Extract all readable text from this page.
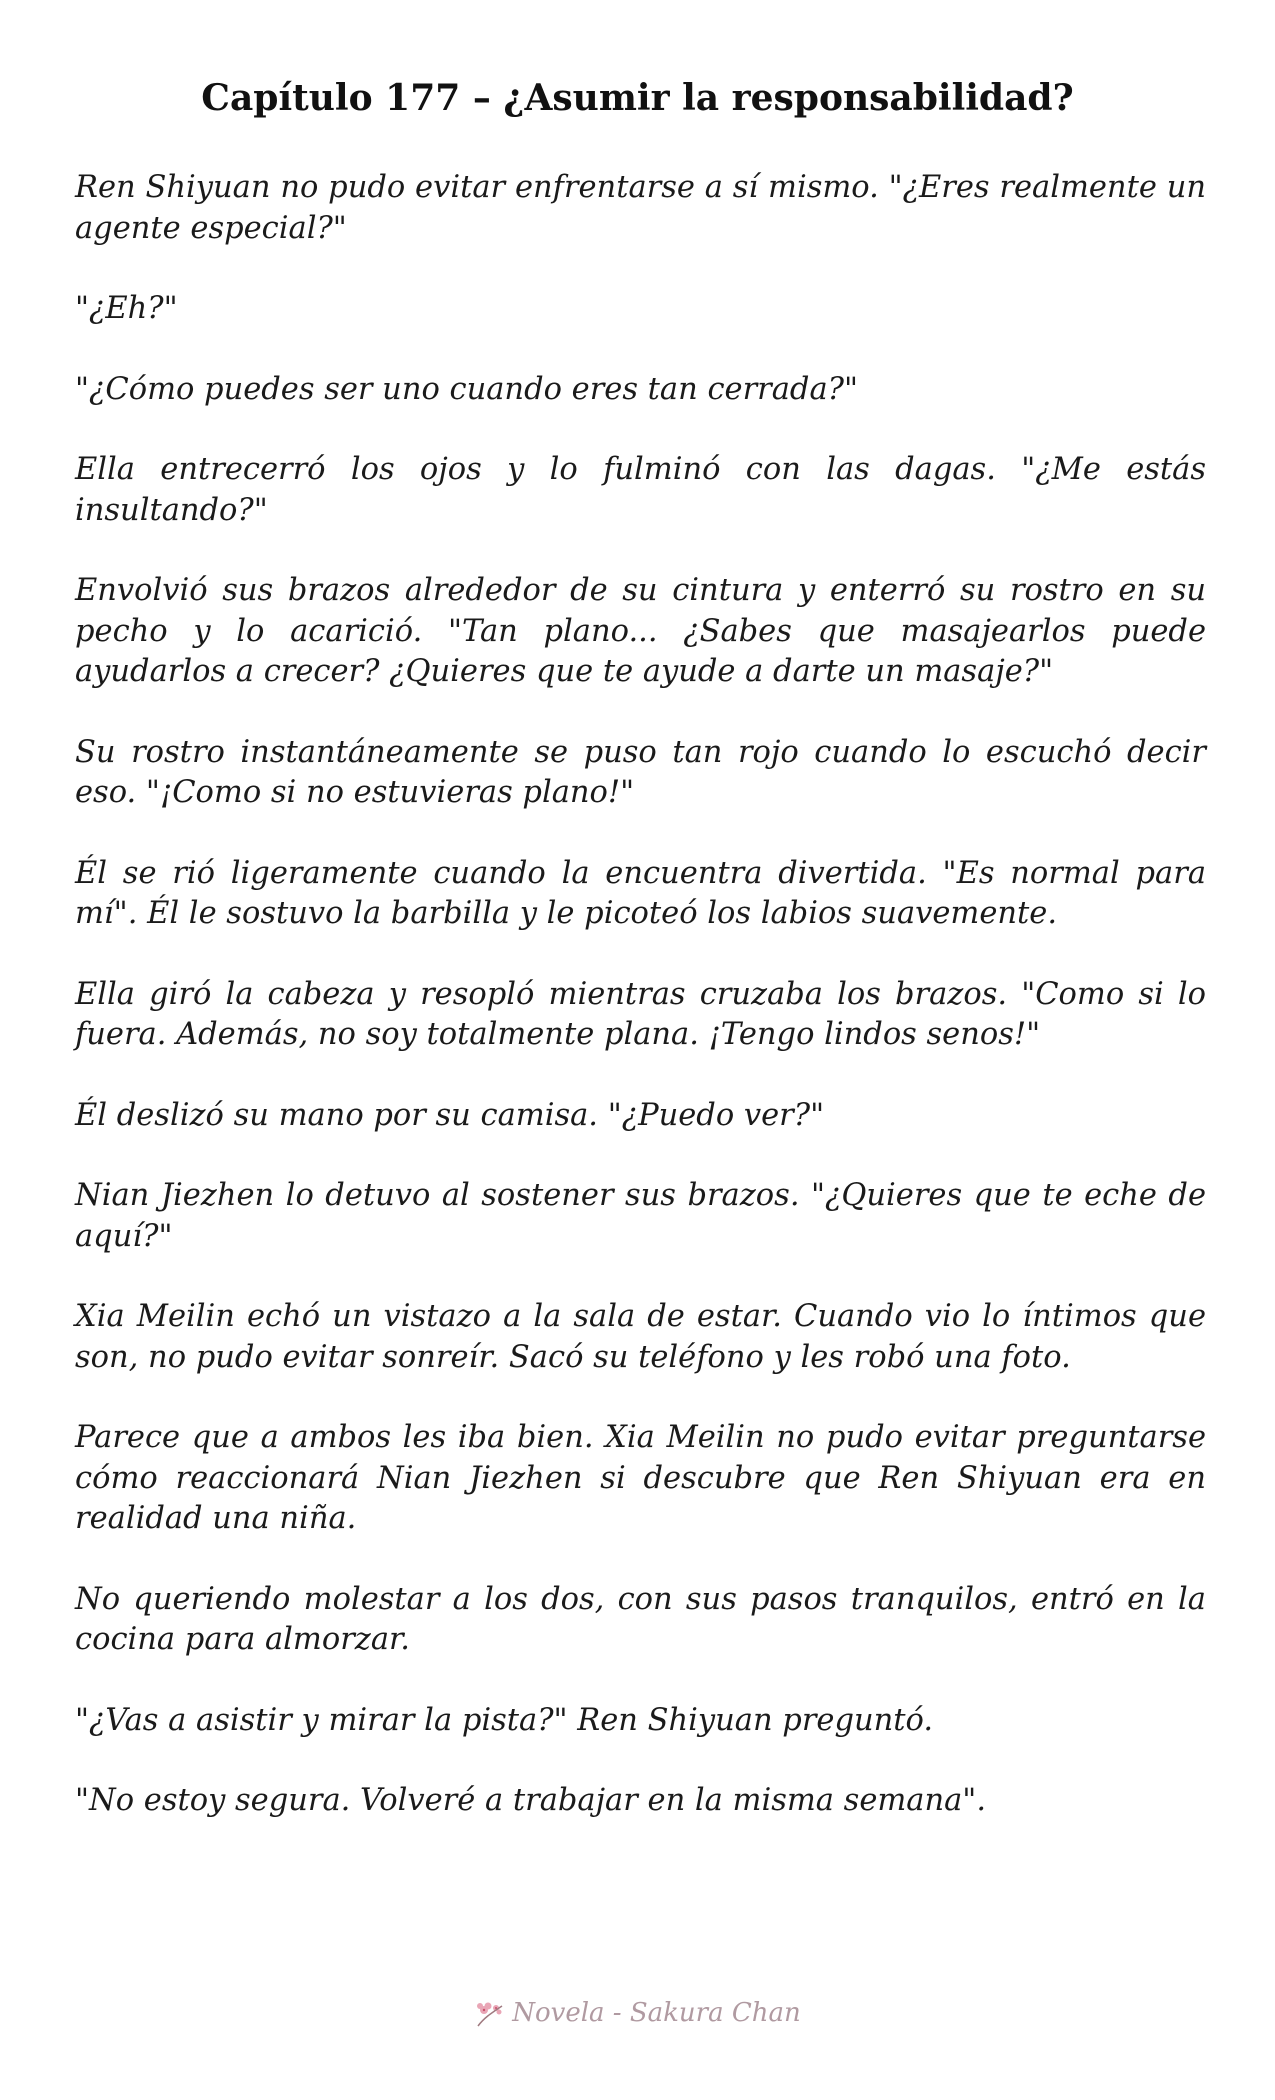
Capítulo 177 – ¿Asumir la responsabilidad?

Ren Shiyuan no pudo evitar enfrentarse a sí mismo. "¿Eres realmente un agente especial?"

"¿Eh?"

"¿Cómo puedes ser uno cuando eres tan cerrada?"

Ella entrecerró los ojos y lo fulminó con las dagas. "¿Me estás insultando?"

Envolvió sus brazos alrededor de su cintura y enterró su rostro en su pecho y lo acarició. "Tan plano... ¿Sabes que masajearlos puede ayudarlos a crecer? ¿Quieres que te ayude a darte un masaje?"

Su rostro instantáneamente se puso tan rojo cuando lo escuchó decir eso. "¡Como si no estuvieras plano!"

Él se rió ligeramente cuando la encuentra divertida. "Es normal para mí". Él le sostuvo la barbilla y le picoteó los labios suavemente.

Ella giró la cabeza y resopló mientras cruzaba los brazos. "Como si lo fuera. Además, no soy totalmente plana. ¡Tengo lindos senos!"

Él deslizó su mano por su camisa. "¿Puedo ver?"

Nian Jiezhen lo detuvo al sostener sus brazos. "¿Quieres que te eche de aquí?"

Xia Meilin echó un vistazo a la sala de estar. Cuando vio lo íntimos que son, no pudo evitar sonreír. Sacó su teléfono y les robó una foto.

Parece que a ambos les iba bien. Xia Meilin no pudo evitar preguntarse cómo reaccionará Nian Jiezhen si descubre que Ren Shiyuan era en realidad una niña.

No queriendo molestar a los dos, con sus pasos tranquilos, entró en la cocina para almorzar.

"¿Vas a asistir y mirar la pista?" Ren Shiyuan preguntó.

"No estoy segura. Volveré a trabajar en la misma semana".

Novela - Sakura Chan
